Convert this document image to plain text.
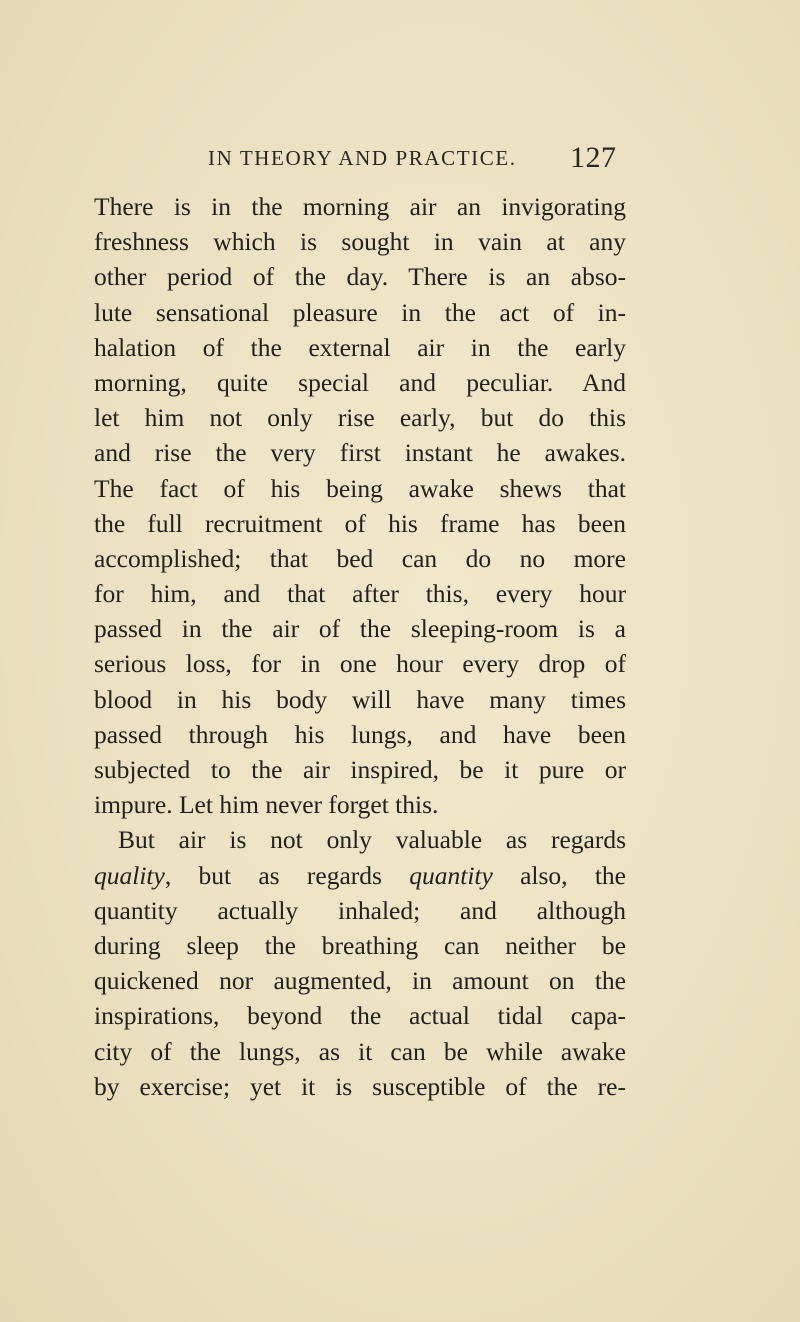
IN THEORY AND PRACTICE. 127
There is in the morning air an invigorating
freshness which is sought in vain at any
other period of the day. There is an abso-
lute sensational pleasure in the act of in-
halation of the external air in the early
morning, quite special and peculiar. And
let him not only rise early, but do this
and rise the very first instant he awakes.
The fact of his being awake shews that
the full recruitment of his frame has been
accomplished; that bed can do no more
for him, and that after this, every hour
passed in the air of the sleeping-room is a
serious loss, for in one hour every drop of
blood in his body will have many times
passed through his lungs, and have been
subjected to the air inspired, be it pure or
impure. Let him never forget this.
But air is not only valuable as regards
quality, but as regards quantity also, the
quantity actually inhaled; and although
during sleep the breathing can neither be
quickened nor augmented, in amount on the
inspirations, beyond the actual tidal capa-
city of the lungs, as it can be while awake
by exercise; yet it is susceptible of the re-
